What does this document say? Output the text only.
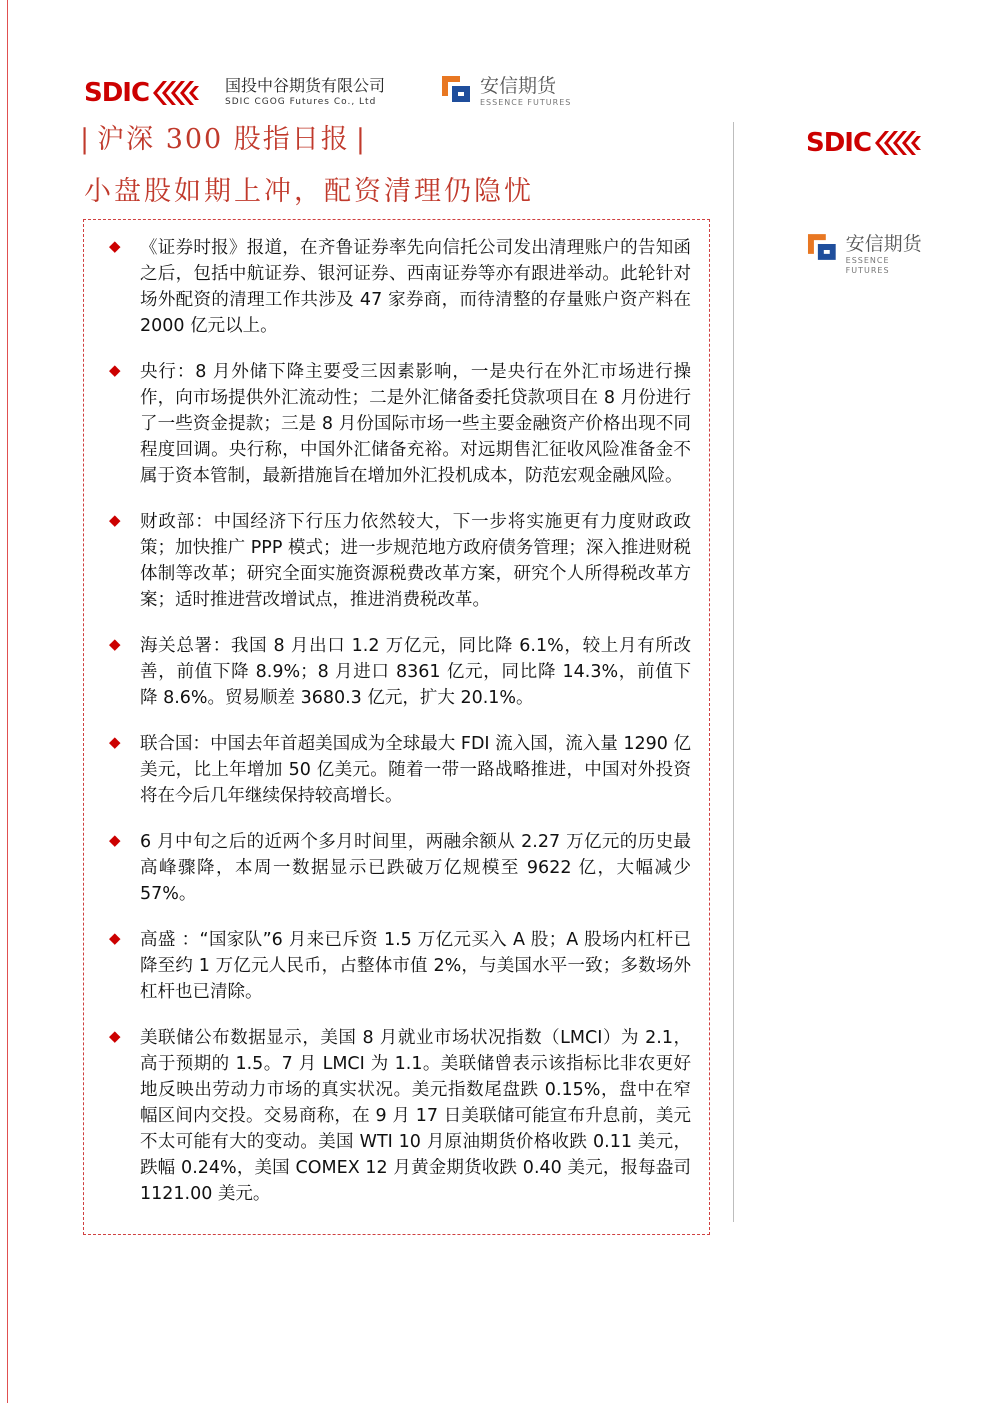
SDIC	国投中谷期货有限公司
SDIC CGOG Futures Co., Ltd
安信期货
ESSENCE FUTURES
| 沪深 300 股指日报 |
小盘股如期上冲，配资清理仍隐忧
◆ 《证券时报》报道，在齐鲁证券率先向信托公司发出清理账户的告知函之后，包括中航证券、银河证券、西南证券等亦有跟进举动。此轮针对场外配资的清理工作共涉及 47 家券商，而待清整的存量账户资产料在 2000 亿元以上。
◆ 央行：8 月外储下降主要受三因素影响，一是央行在外汇市场进行操作，向市场提供外汇流动性；二是外汇储备委托贷款项目在 8 月份进行了一些资金提款；三是 8 月份国际市场一些主要金融资产价格出现不同程度回调。央行称，中国外汇储备充裕。对远期售汇征收风险准备金不属于资本管制，最新措施旨在增加外汇投机成本，防范宏观金融风险。
◆ 财政部：中国经济下行压力依然较大，下一步将实施更有力度财政政策；加快推广 PPP 模式；进一步规范地方政府债务管理；深入推进财税体制等改革；研究全面实施资源税费改革方案，研究个人所得税改革方案；适时推进营改增试点，推进消费税改革。
◆ 海关总署：我国 8 月出口 1.2 万亿元，同比降 6.1%，较上月有所改善，前值下降 8.9%；8 月进口 8361 亿元，同比降 14.3%，前值下降 8.6%。贸易顺差 3680.3 亿元，扩大 20.1%。
◆ 联合国：中国去年首超美国成为全球最大 FDI 流入国，流入量 1290 亿美元，比上年增加 50 亿美元。随着一带一路战略推进，中国对外投资将在今后几年继续保持较高增长。
◆ 6 月中旬之后的近两个多月时间里，两融余额从 2.27 万亿元的历史最高峰骤降，本周一数据显示已跌破万亿规模至 9622 亿，大幅减少 57%。
◆ 高盛 ：“国家队”6 月来已斥资 1.5 万亿元买入 A 股；A 股场内杠杆已降至约 1 万亿元人民币，占整体市值 2%，与美国水平一致；多数场外杠杆也已清除。
◆ 美联储公布数据显示，美国 8 月就业市场状况指数（LMCI）为 2.1，高于预期的 1.5。7 月 LMCI 为 1.1。美联储曾表示该指标比非农更好地反映出劳动力市场的真实状况。美元指数尾盘跌 0.15%，盘中在窄幅区间内交投。交易商称，在 9 月 17 日美联储可能宣布升息前，美元不太可能有大的变动。美国 WTI 10 月原油期货价格收跌 0.11 美元，跌幅 0.24%，美国 COMEX 12 月黄金期货收跌 0.40 美元，报每盎司 1121.00 美元。
SDIC
安信期货
ESSENCE FUTURES
